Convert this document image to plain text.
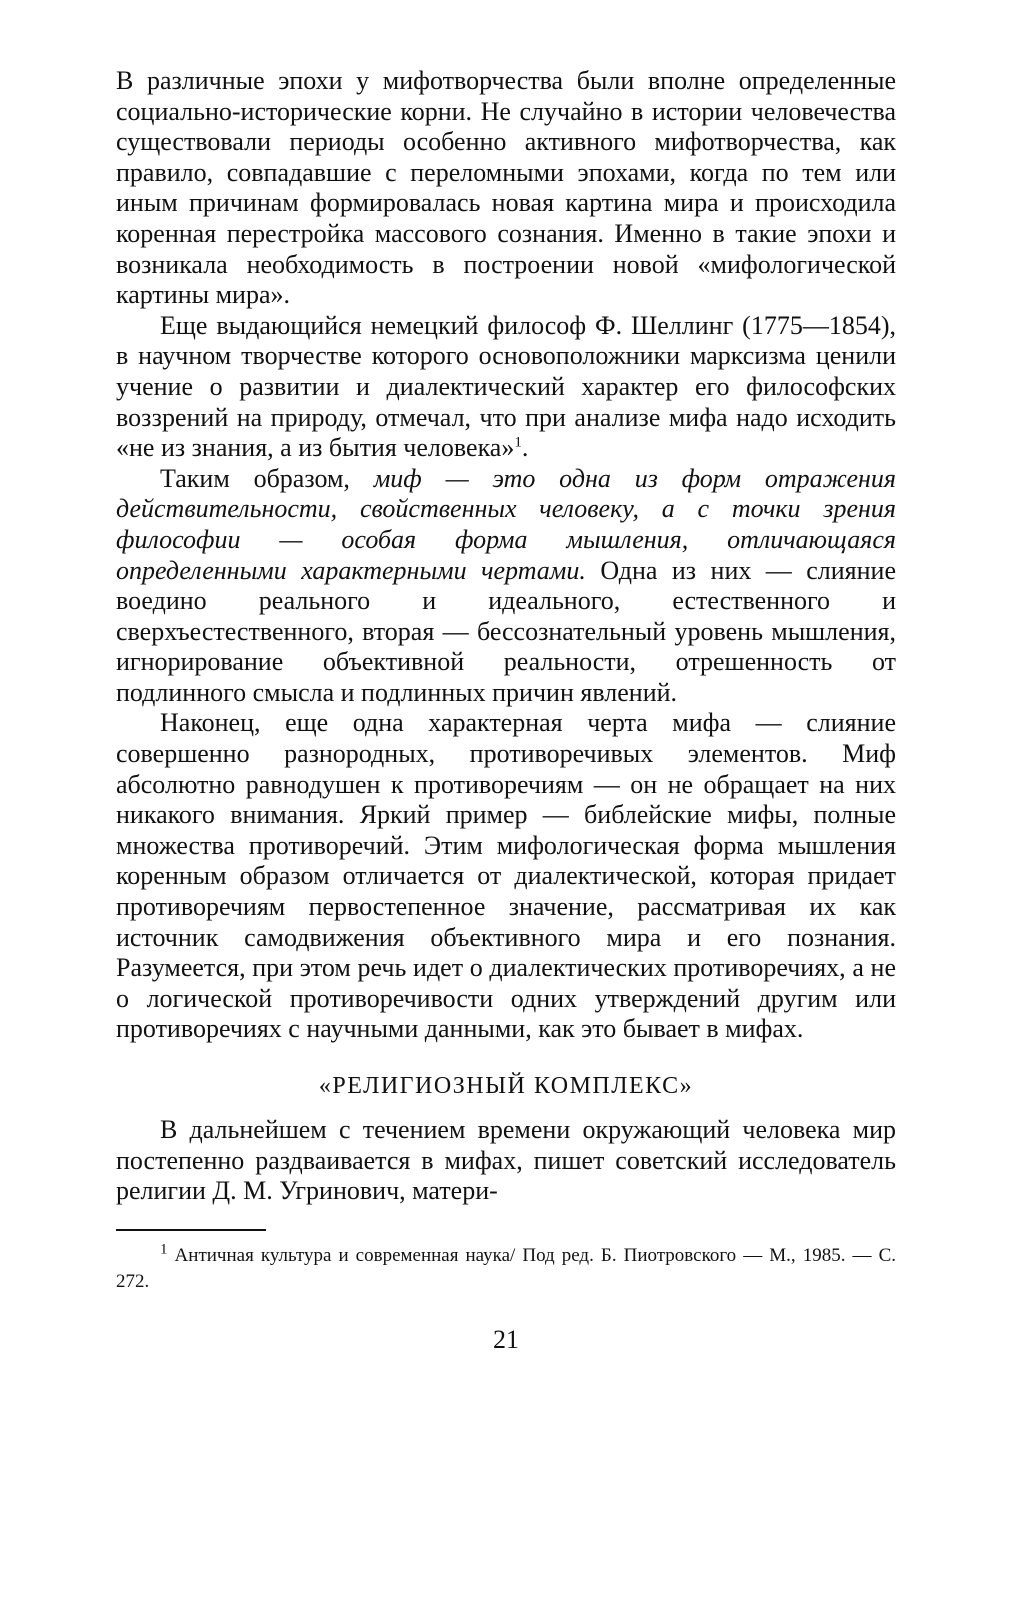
В различные эпохи у мифотворчества были вполне определенные социально-исторические корни. Не случайно в истории человечества существовали периоды особенно активного мифотворчества, как правило, совпадавшие с переломными эпохами, когда по тем или иным причинам формировалась новая картина мира и происходила коренная перестройка массового сознания. Именно в такие эпохи и возникала необходимость в построении новой «мифологической картины мира».

Еще выдающийся немецкий философ Ф. Шеллинг (1775—1854), в научном творчестве которого основоположники марксизма ценили учение о развитии и диалектический характер его философских воззрений на природу, отмечал, что при анализе мифа надо исходить «не из знания, а из бытия человека»$^1$.

Таким образом, миф — это одна из форм отражения действительности, свойственных человеку, а с точки зрения философии — особая форма мышления, отличающаяся определенными характерными чертами. Одна из них — слияние воедино реального и идеального, естественного и сверхъестественного, вторая — бессознательный уровень мышления, игнорирование объективной реальности, отрешенность от подлинного смысла и подлинных причин явлений.

Наконец, еще одна характерная черта мифа — слияние совершенно разнородных, противоречивых элементов. Миф абсолютно равнодушен к противоречиям — он не обращает на них никакого внимания. Яркий пример — библейские мифы, полные множества противоречий. Этим мифологическая форма мышления коренным образом отличается от диалектической, которая придает противоречиям первостепенное значение, рассматривая их как источник самодвижения объективного мира и его познания. Разумеется, при этом речь идет о диалектических противоречиях, а не о логической противоречивости одних утверждений другим или противоречиях с научными данными, как это бывает в мифах.

«РЕЛИГИОЗНЫЙ КОМПЛЕКС»

В дальнейшем с течением времени окружающий человека мир постепенно раздваивается в мифах, пишет советский исследователь религии Д. М. Угринович, матери-

$^1$ Античная культура и современная наука/ Под ред. Б. Пиотровского — М., 1985. — С. 272.

21
